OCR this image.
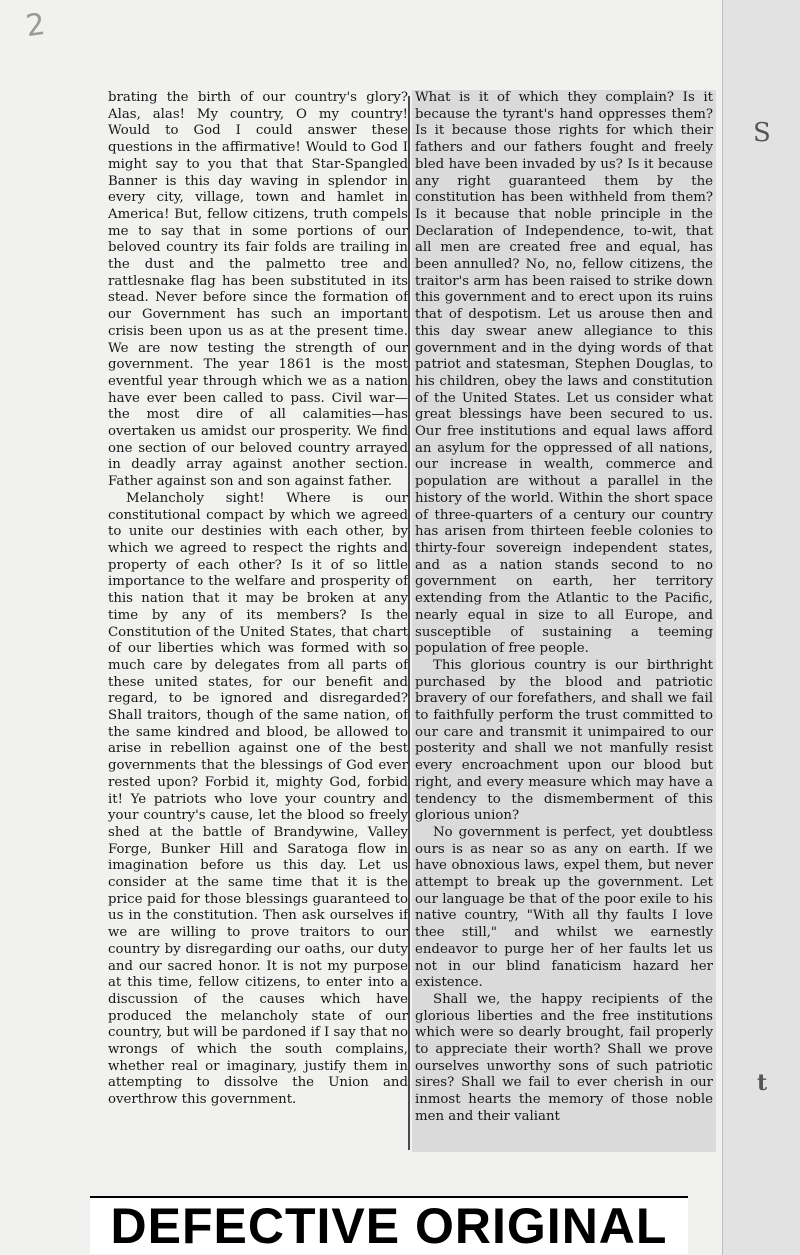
2

brating the birth of our country's glory? Alas, alas! My country, O my country! Would to God I could answer these questions in the affirmative! Would to God I might say to you that that Star-Spangled Banner is this day waving in splendor in every city, village, town and hamlet in America! But, fellow citizens, truth compels me to say that in some portions of our beloved country its fair folds are trailing in the dust and the palmetto tree and rattlesnake flag has been substituted in its stead. Never before since the formation of our Government has such an important crisis been upon us as at the present time. We are now testing the strength of our government. The year 1861 is the most eventful year through which we as a nation have ever been called to pass. Civil war—the most dire of all calamities—has overtaken us amidst our prosperity. We find one section of our beloved country arrayed in deadly array against another section. Father against son and son against father.

Melancholy sight! Where is our constitutional compact by which we agreed to unite our destinies with each other, by which we agreed to respect the rights and property of each other? Is it of so little importance to the welfare and prosperity of this nation that it may be broken at any time by any of its members? Is the Constitution of the United States, that chart of our liberties which was formed with so much care by delegates from all parts of these united states, for our benefit and regard, to be ignored and disregarded? Shall traitors, though of the same nation, of the same kindred and blood, be allowed to arise in rebellion against one of the best governments that the blessings of God ever rested upon? Forbid it, mighty God, forbid it! Ye patriots who love your country and your country's cause, let the blood so freely shed at the battle of Brandywine, Valley Forge, Bunker Hill and Saratoga flow in imagination before us this day. Let us consider at the same time that it is the price paid for those blessings guaranteed to us in the constitution. Then ask ourselves if we are willing to prove traitors to our country by disregarding our oaths, our duty and our sacred honor. It is not my purpose at this time, fellow citizens, to enter into a discussion of the causes which have produced the melancholy state of our country, but will be pardoned if I say that no wrongs of which the south complains, whether real or imaginary, justify them in attempting to dissolve the Union and overthrow this government.

What is it of which they complain? Is it because the tyrant's hand oppresses them? Is it because those rights for which their fathers and our fathers fought and freely bled have been invaded by us? Is it because any right guaranteed them by the constitution has been withheld from them? Is it because that noble principle in the Declaration of Independence, to-wit, that all men are created free and equal, has been annulled? No, no, fellow citizens, the traitor's arm has been raised to strike down this government and to erect upon its ruins that of despotism. Let us arouse then and this day swear anew allegiance to this government and in the dying words of that patriot and statesman, Stephen Douglas, to his children, obey the laws and constitution of the United States. Let us consider what great blessings have been secured to us. Our free institutions and equal laws afford an asylum for the oppressed of all nations, our increase in wealth, commerce and population are without a parallel in the history of the world. Within the short space of three-quarters of a century our country has arisen from thirteen feeble colonies to thirty-four sovereign independent states, and as a nation stands second to no government on earth, her territory extending from the Atlantic to the Pacific, nearly equal in size to all Europe, and susceptible of sustaining a teeming population of free people.

This glorious country is our birthright purchased by the blood and patriotic bravery of our forefathers, and shall we fail to faithfully perform the trust committed to our care and transmit it unimpaired to our posterity and shall we not manfully resist every encroachment upon our blood but right, and every measure which may have a tendency to the dismemberment of this glorious union?

No government is perfect, yet doubtless ours is as near so as any on earth. If we have obnoxious laws, expel them, but never attempt to break up the government. Let our language be that of the poor exile to his native country, "With all thy faults I love thee still," and whilst we earnestly endeavor to purge her of her faults let us not in our blind fanaticism hazard her existence.

Shall we, the happy recipients of the glorious liberties and the free institutions which were so dearly brought, fail properly to appreciate their worth? Shall we prove ourselves unworthy sons of such patriotic sires? Shall we fail to ever cherish in our inmost hearts the memory of those noble men and their valiant

S
t
DEFECTIVE ORIGINAL
